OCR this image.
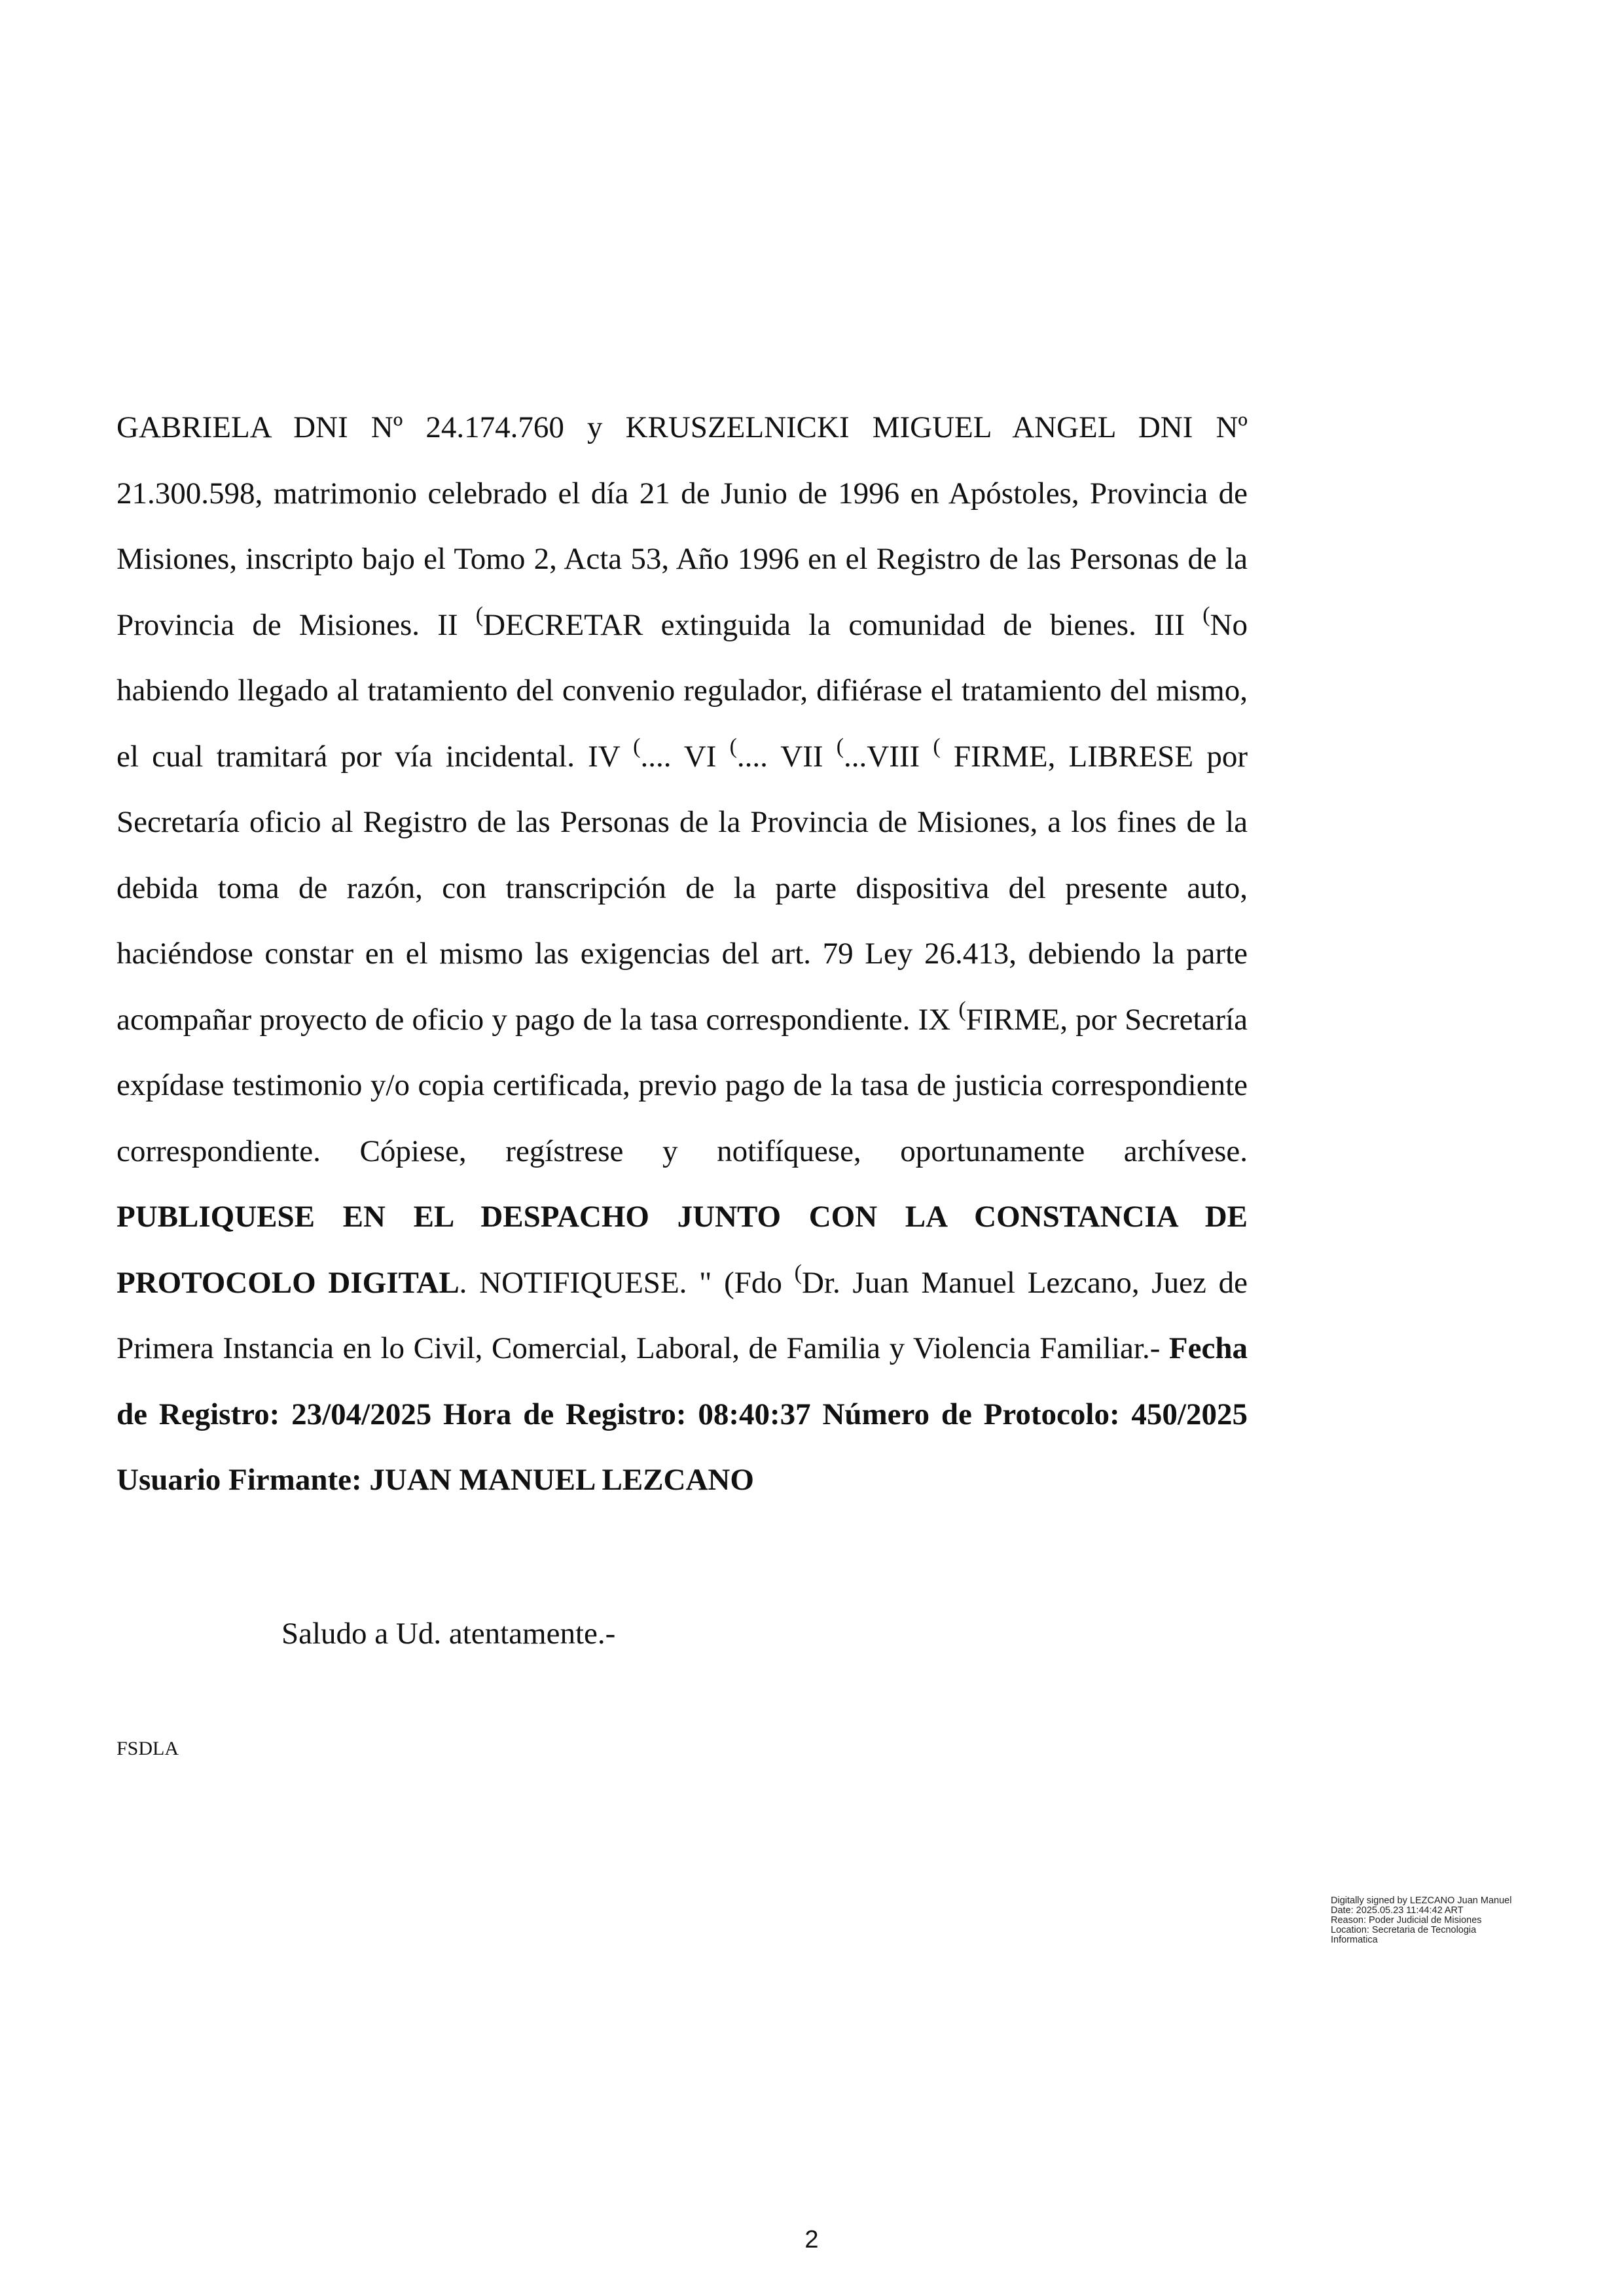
GABRIELA DNI Nº 24.174.760 y KRUSZELNICKI MIGUEL ANGEL DNI Nº 21.300.598, matrimonio celebrado el día 21 de Junio de 1996 en Apóstoles, Provincia de Misiones, inscripto bajo el Tomo 2, Acta 53, Año 1996 en el Registro de las Personas de la Provincia de Misiones. II (DECRETAR extinguida la comunidad de bienes. III (No habiendo llegado al tratamiento del convenio regulador, difiérase el tratamiento del mismo, el cual tramitará por vía incidental. IV (.... VI (.... VII (...VIII ( FIRME, LIBRESE por Secretaría oficio al Registro de las Personas de la Provincia de Misiones, a los fines de la debida toma de razón, con transcripción de la parte dispositiva del presente auto, haciéndose constar en el mismo las exigencias del art. 79 Ley 26.413, debiendo la parte acompañar proyecto de oficio y pago de la tasa correspondiente. IX (FIRME, por Secretaría expídase testimonio y/o copia certificada, previo pago de la tasa de justicia correspondiente correspondiente. Cópiese, regístrese y notifíquese, oportunamente archívese. PUBLIQUESE EN EL DESPACHO JUNTO CON LA CONSTANCIA DE PROTOCOLO DIGITAL. NOTIFIQUESE. " (Fdo (Dr. Juan Manuel Lezcano, Juez de Primera Instancia en lo Civil, Comercial, Laboral, de Familia y Violencia Familiar.- Fecha de Registro: 23/04/2025 Hora de Registro: 08:40:37 Número de Protocolo: 450/2025 Usuario Firmante: JUAN MANUEL LEZCANO

Saludo a Ud. atentamente.-

FSDLA

Digitally signed by LEZCANO Juan Manuel
Date: 2025.05.23 11:44:42 ART
Reason: Poder Judicial de Misiones
Location: Secretaria de Tecnologia
Informatica
2
